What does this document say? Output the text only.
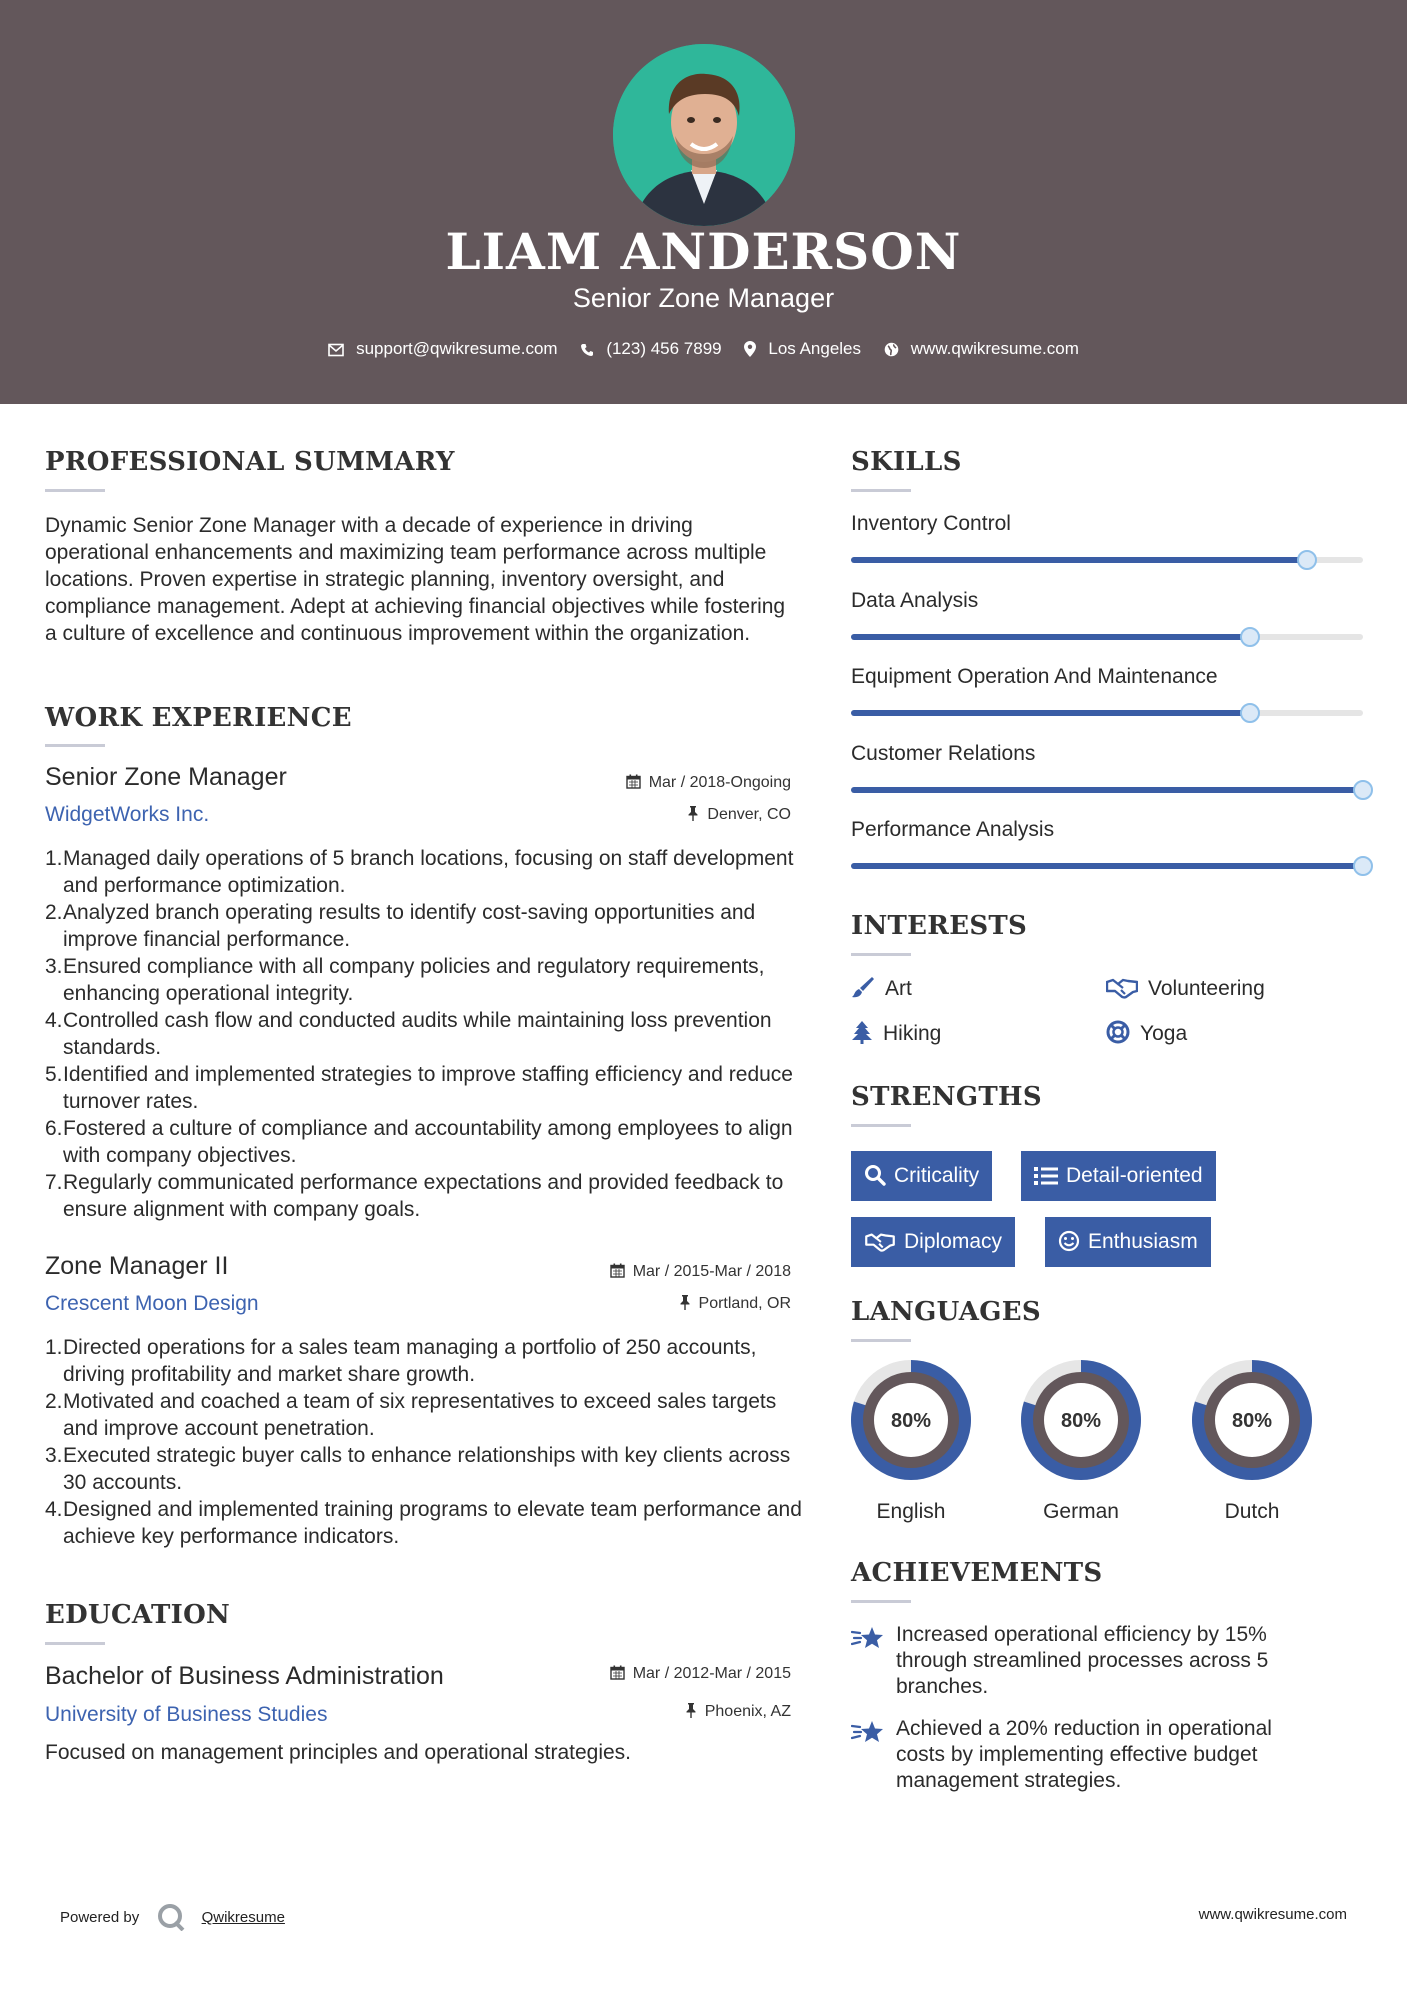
LIAM ANDERSON
Senior Zone Manager
support@qwikresume.com	(123) 456 7899	Los Angeles	www.qwikresume.com
PROFESSIONAL SUMMARY
Dynamic Senior Zone Manager with a decade of experience in driving operational enhancements and maximizing team performance across multiple locations. Proven expertise in strategic planning, inventory oversight, and compliance management. Adept at achieving financial objectives while fostering a culture of excellence and continuous improvement within the organization.
WORK EXPERIENCE
Senior Zone Manager
WidgetWorks Inc.
Mar / 2018-Ongoing
Denver, CO
1. Managed daily operations of 5 branch locations, focusing on staff development and performance optimization.
2. Analyzed branch operating results to identify cost-saving opportunities and improve financial performance.
3. Ensured compliance with all company policies and regulatory requirements, enhancing operational integrity.
4. Controlled cash flow and conducted audits while maintaining loss prevention standards.
5. Identified and implemented strategies to improve staffing efficiency and reduce turnover rates.
6. Fostered a culture of compliance and accountability among employees to align with company objectives.
7. Regularly communicated performance expectations and provided feedback to ensure alignment with company goals.
Zone Manager II
Crescent Moon Design
Mar / 2015-Mar / 2018
Portland, OR
1. Directed operations for a sales team managing a portfolio of 250 accounts, driving profitability and market share growth.
2. Motivated and coached a team of six representatives to exceed sales targets and improve account penetration.
3. Executed strategic buyer calls to enhance relationships with key clients across 30 accounts.
4. Designed and implemented training programs to elevate team performance and achieve key performance indicators.
EDUCATION
Bachelor of Business Administration
University of Business Studies
Mar / 2012-Mar / 2015
Phoenix, AZ
Focused on management principles and operational strategies.
SKILLS
Inventory Control
Data Analysis
Equipment Operation And Maintenance
Customer Relations
Performance Analysis
INTERESTS
Art	Volunteering
Hiking	Yoga
STRENGTHS
Criticality	Detail-oriented
Diplomacy	Enthusiasm
LANGUAGES
80%
English
80%
German
80%
Dutch
ACHIEVEMENTS
Increased operational efficiency by 15% through streamlined processes across 5 branches.
Achieved a 20% reduction in operational costs by implementing effective budget management strategies.
Powered by	Qwikresume	www.qwikresume.com
